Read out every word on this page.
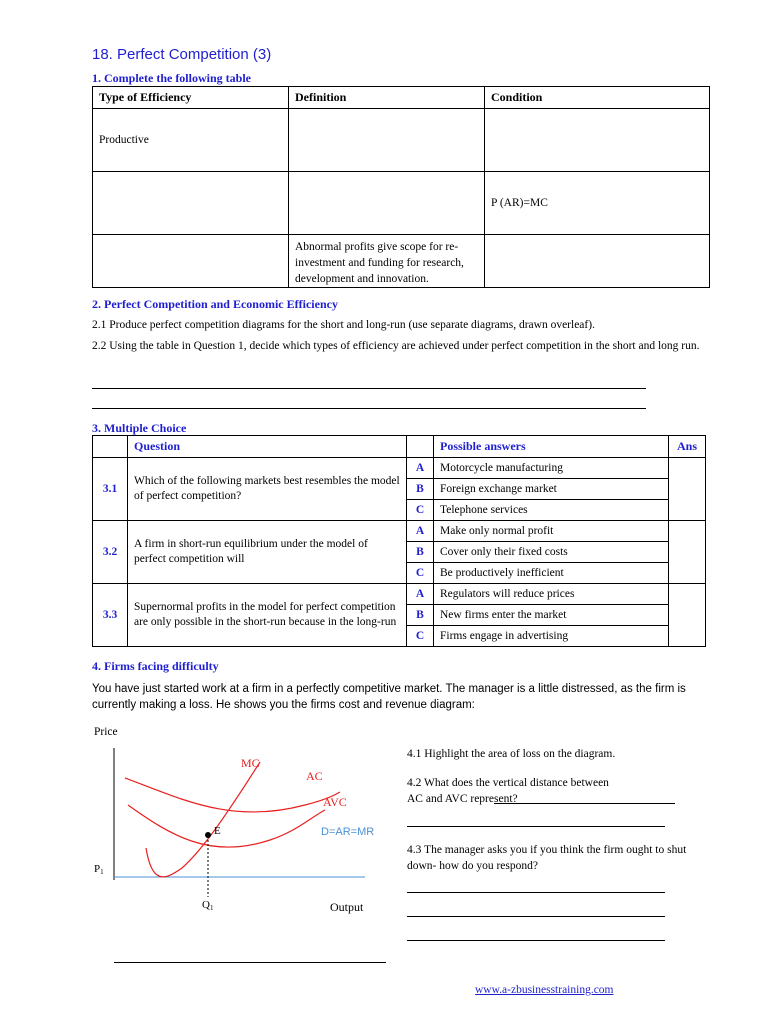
18. Perfect Competition (3)
1. Complete the following table
Type of Efficiency	Definition	Condition
Productive		
		P (AR)=MC
	Abnormal profits give scope for re-investment and funding for research, development and innovation.	
2. Perfect Competition and Economic Efficiency

2.1 Produce perfect competition diagrams for the short and long-run (use separate diagrams, drawn overleaf).

2.2 Using the table in Question 1, decide which types of efficiency are achieved under perfect competition in the short and long run.

3. Multiple Choice
	Question		Possible answers	Ans
3.1	Which of the following markets best resembles the model of perfect competition?	A	Motorcycle manufacturing	
		B	Foreign exchange market	
		C	Telephone services	
3.2	A firm in short-run equilibrium under the model of perfect competition will	A	Make only normal profit	
		B	Cover only their fixed costs	
		C	Be productively inefficient	
3.3	Supernormal profits in the model for perfect competition are only possible in the short-run because in the long-run	A	Regulators will reduce prices	
		B	New firms enter the market	
		C	Firms engage in advertising	
4. Firms facing difficulty

You have just started work at a firm in a perfectly competitive market. The manager is a little distressed, as the firm is currently making a loss. He shows you the firms cost and revenue diagram:

Price
MC
AC
AVC
D=AR=MR
E
P1
Q1	Output

4.1 Highlight the area of loss on the diagram.

4.2 What does the vertical distance between AC and AVC represent?

4.3 The manager asks you if you think the firm ought to shut down- how do you respond?

www.a-zbusinesstraining.com
